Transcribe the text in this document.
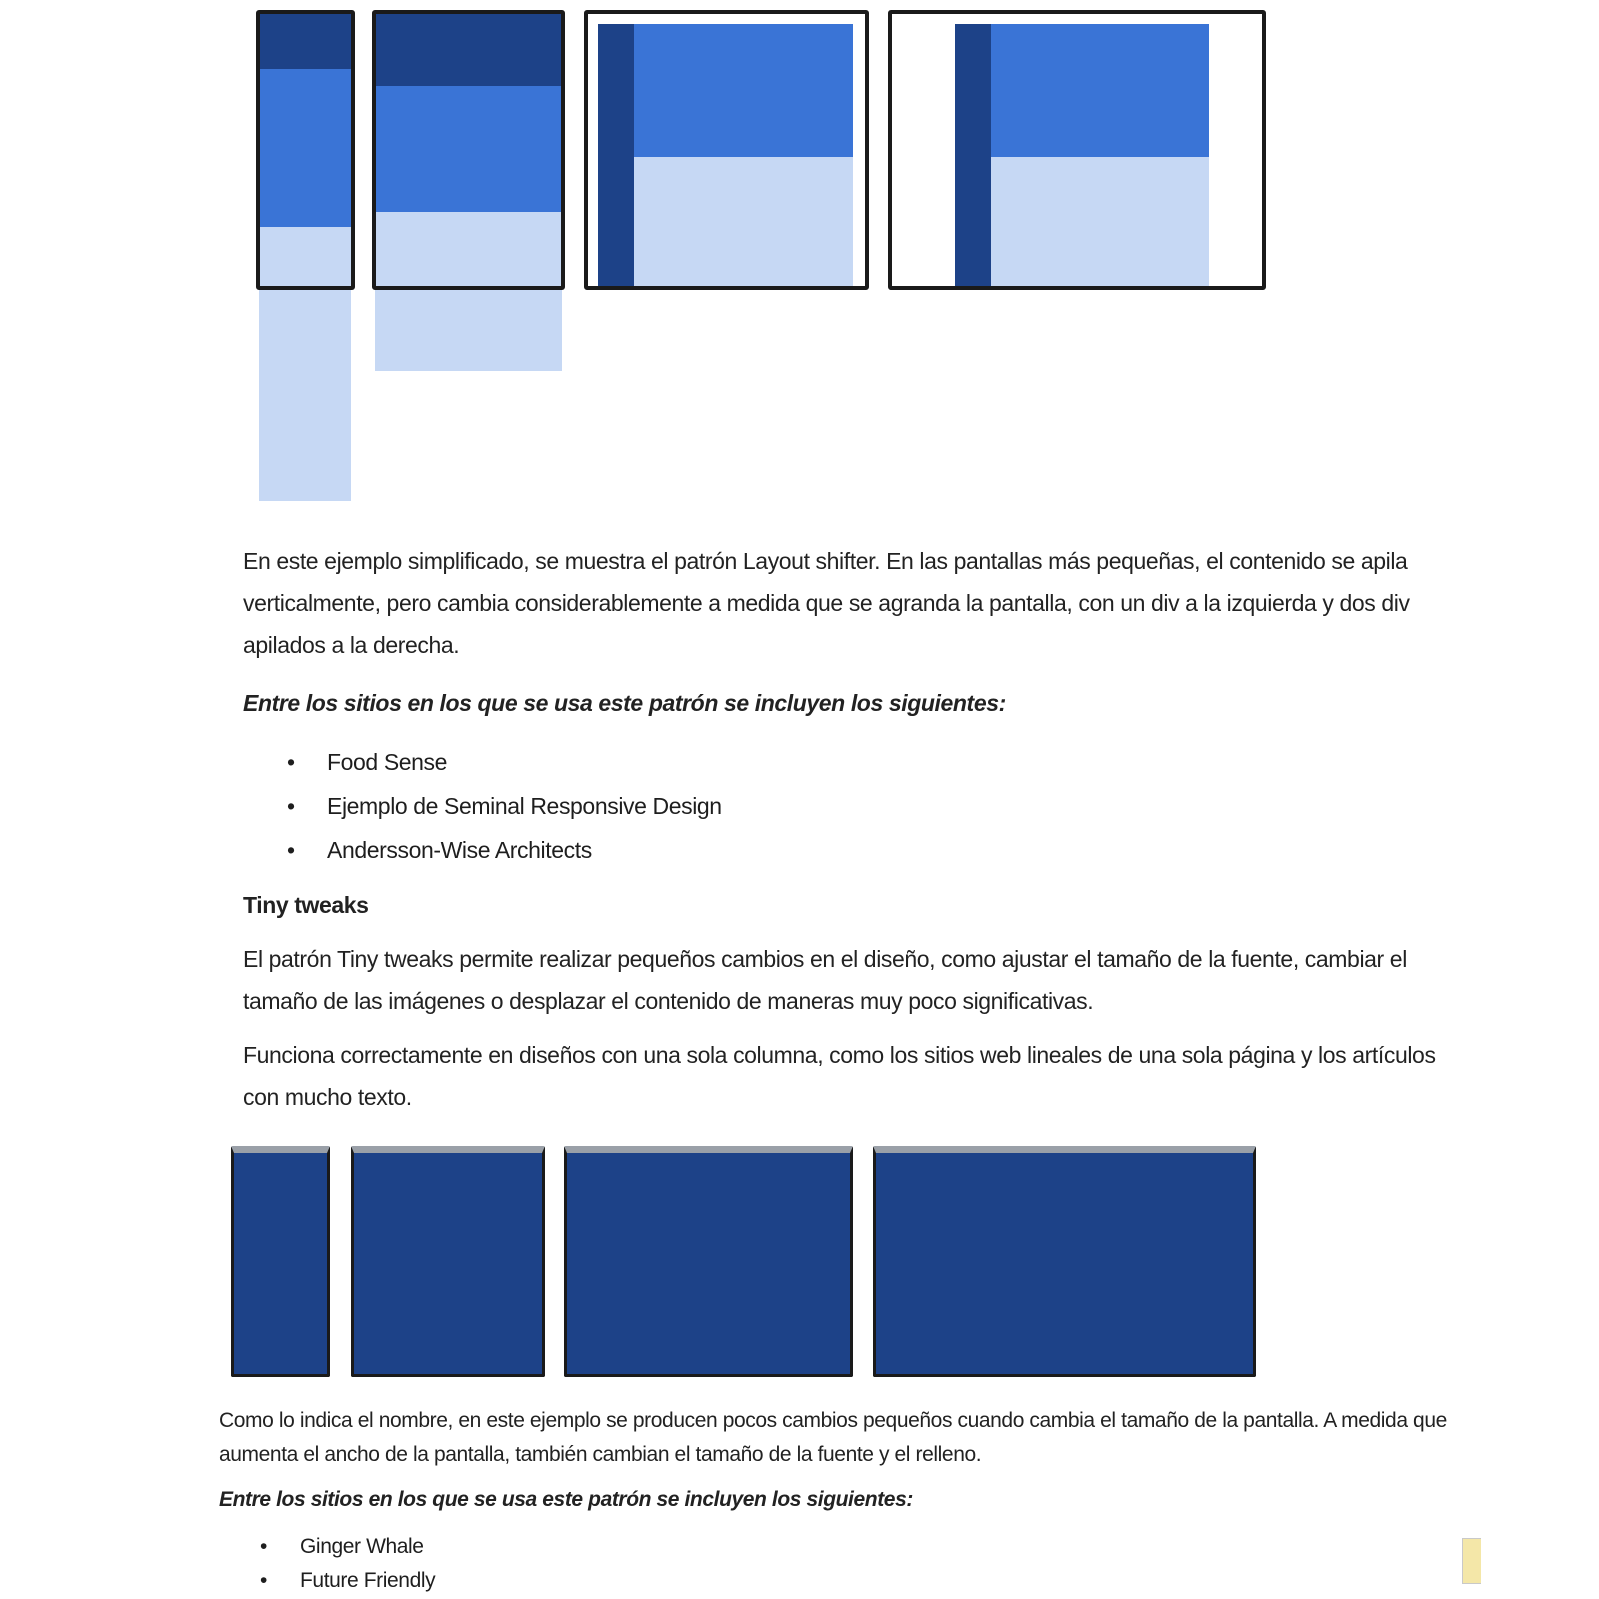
En este ejemplo simplificado, se muestra el patrón Layout shifter. En las pantallas más pequeñas, el contenido se apila verticalmente, pero cambia considerablemente a medida que se agranda la pantalla, con un div a la izquierda y dos div apilados a la derecha.
Entre los sitios en los que se usa este patrón se incluyen los siguientes:
• Food Sense
• Ejemplo de Seminal Responsive Design
• Andersson-Wise Architects
Tiny tweaks
El patrón Tiny tweaks permite realizar pequeños cambios en el diseño, como ajustar el tamaño de la fuente, cambiar el tamaño de las imágenes o desplazar el contenido de maneras muy poco significativas.
Funciona correctamente en diseños con una sola columna, como los sitios web lineales de una sola página y los artículos con mucho texto.
Como lo indica el nombre, en este ejemplo se producen pocos cambios pequeños cuando cambia el tamaño de la pantalla. A medida que aumenta el ancho de la pantalla, también cambian el tamaño de la fuente y el relleno.
Entre los sitios en los que se usa este patrón se incluyen los siguientes:
• Ginger Whale
• Future Friendly
